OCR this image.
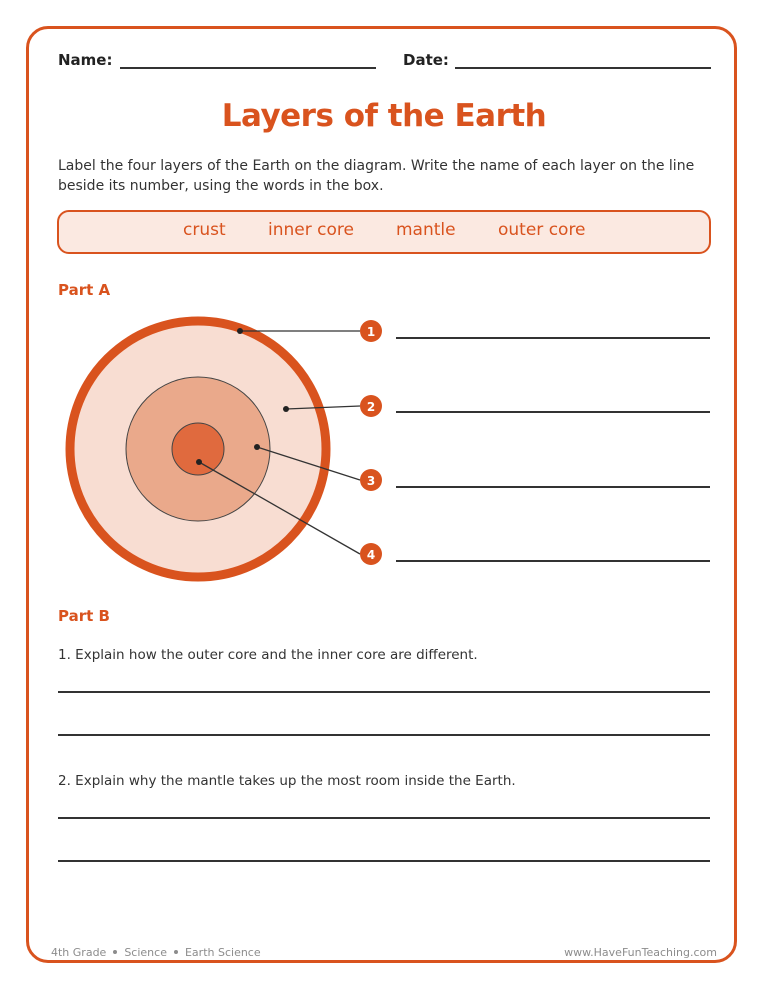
Name:	Date:
Layers of the Earth
Label the four layers of the Earth on the diagram. Write the name of each layer on the line beside its number, using the words in the box.
crust inner core mantle outer core
Part A
1
2
3
4
Part B
1. Explain how the outer core and the inner core are different.
2. Explain why the mantle takes up the most room inside the Earth.
4th Grade Science Earth Science	www.HaveFunTeaching.com
